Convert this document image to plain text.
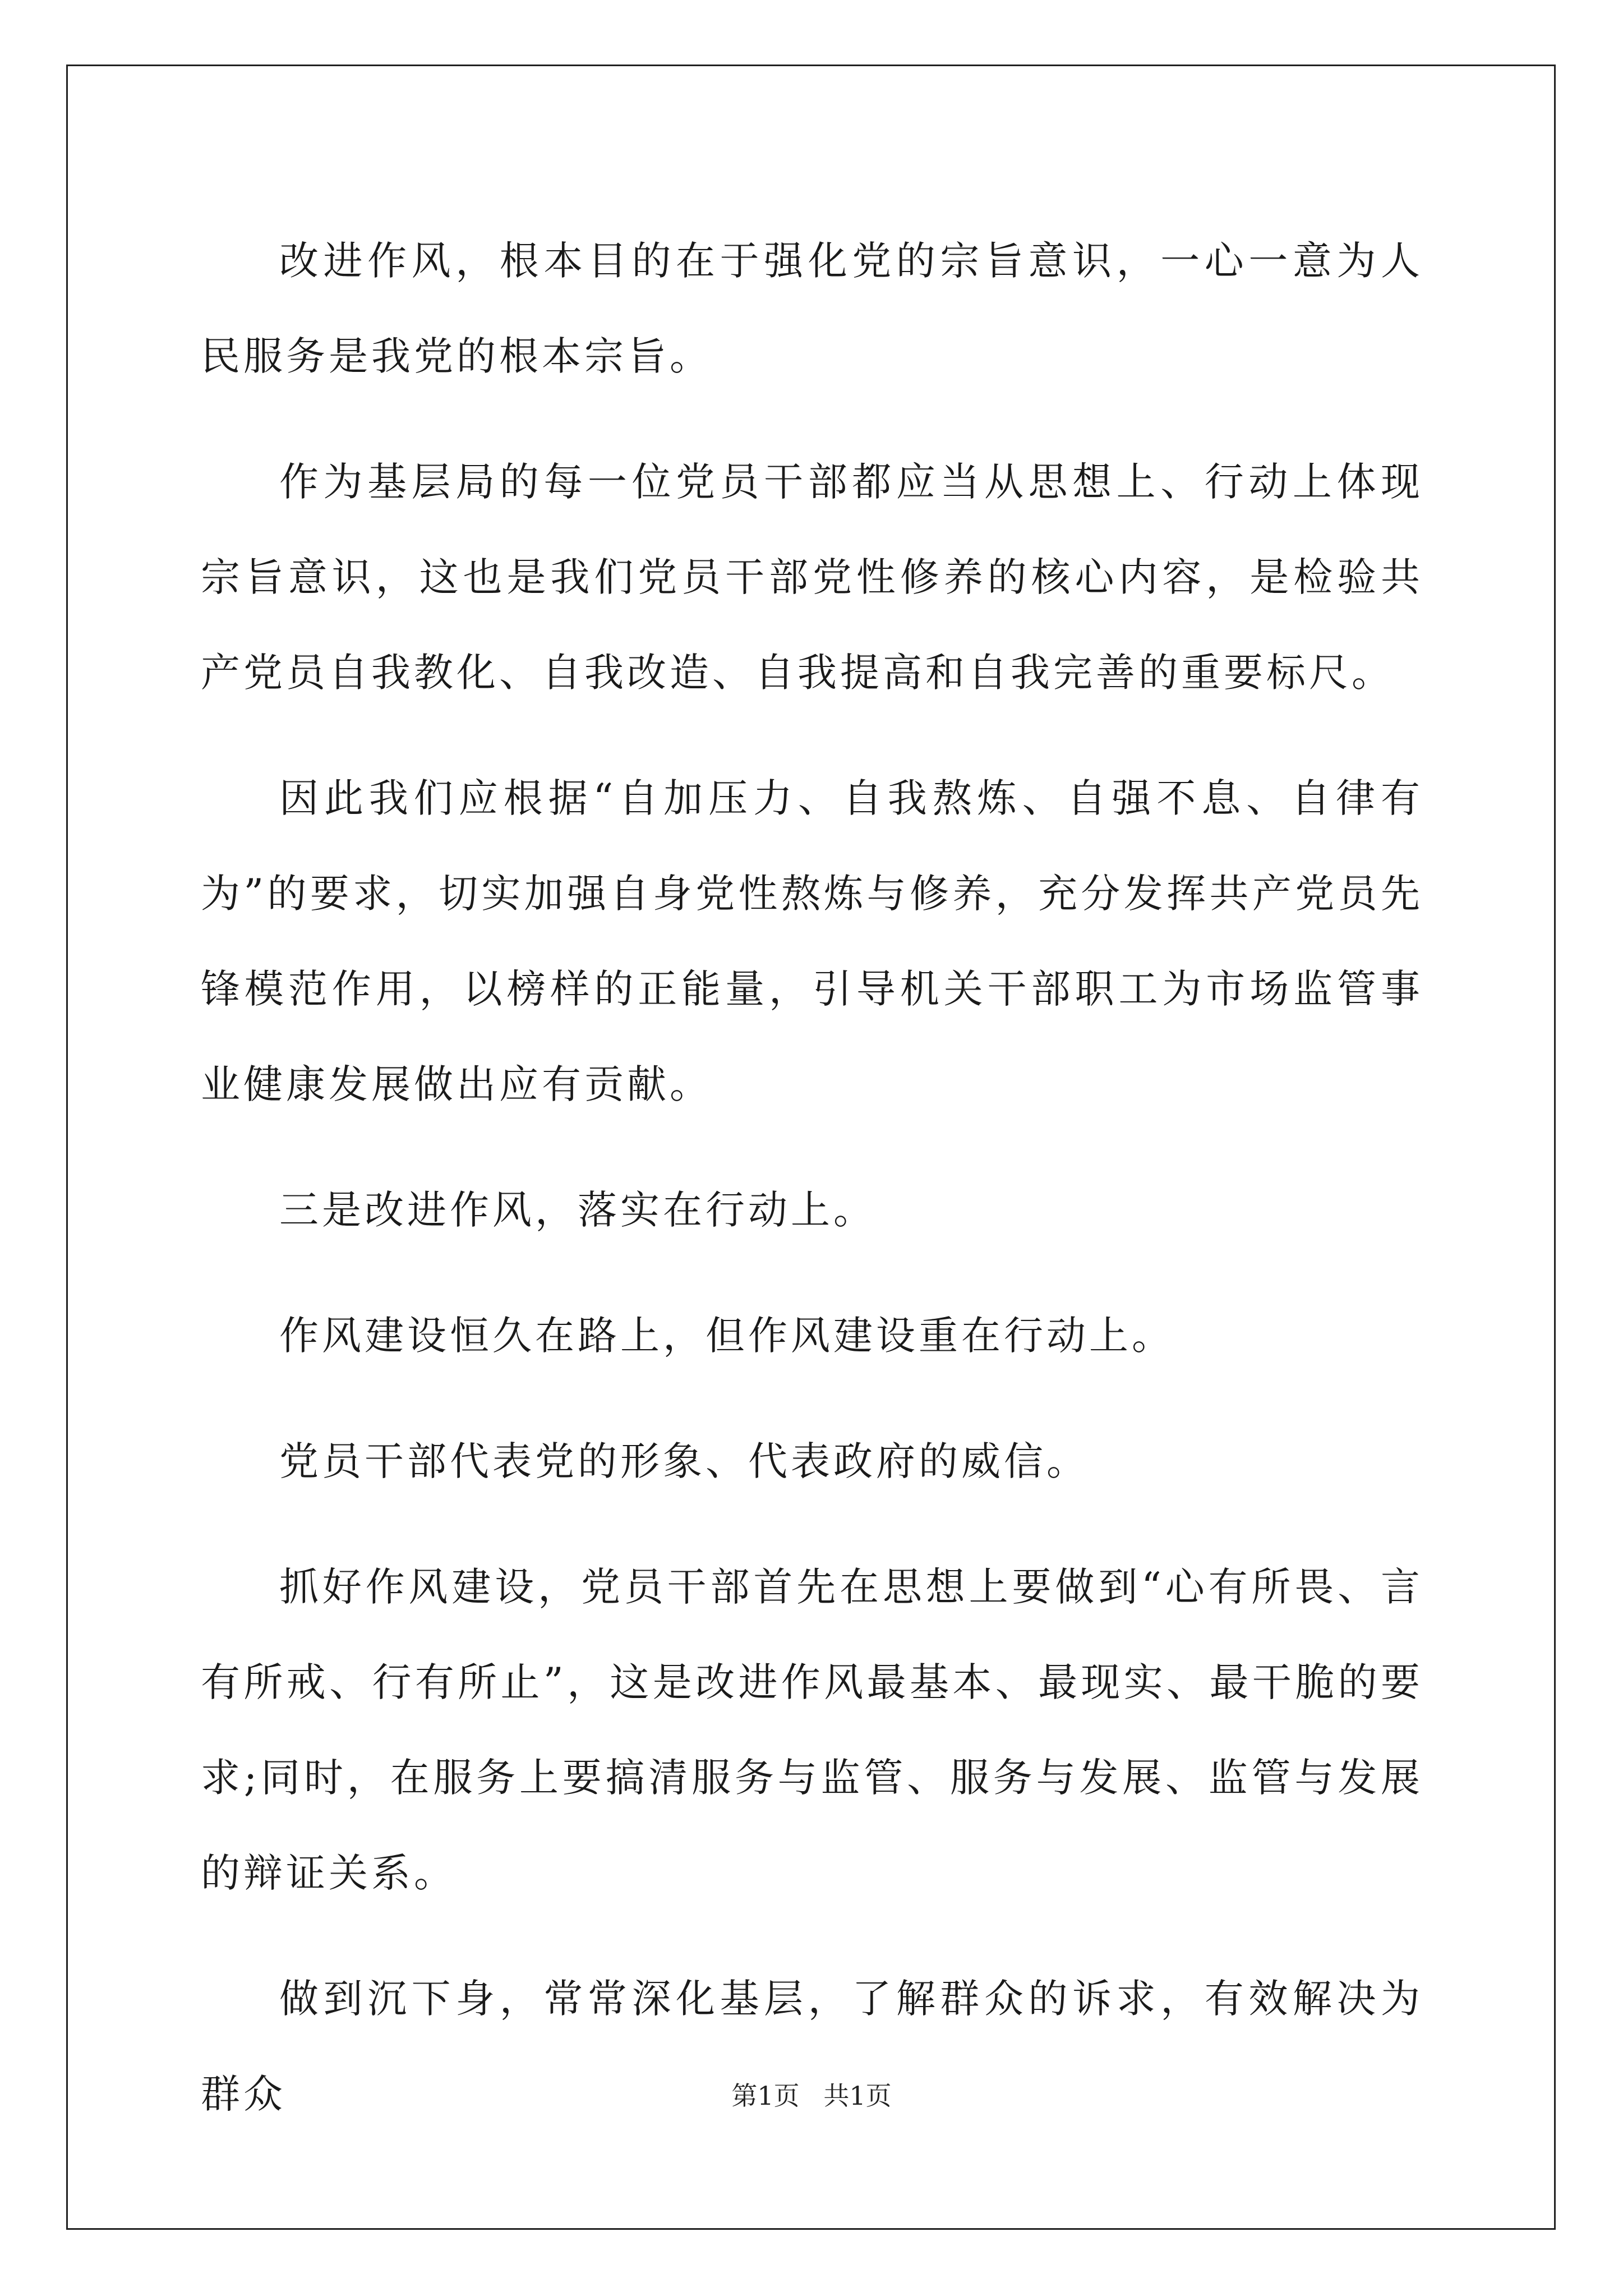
改进作风，根本目的在于强化党的宗旨意识，一心一意为人民服务是我党的根本宗旨。

作为基层局的每一位党员干部都应当从思想上、行动上体现宗旨意识，这也是我们党员干部党性修养的核心内容，是检验共产党员自我教化、自我改造、自我提高和自我完善的重要标尺。

因此我们应根据“自加压力、自我熬炼、自强不息、自律有为”的要求，切实加强自身党性熬炼与修养，充分发挥共产党员先锋模范作用，以榜样的正能量，引导机关干部职工为市场监管事业健康发展做出应有贡献。

三是改进作风，落实在行动上。

作风建设恒久在路上，但作风建设重在行动上。

党员干部代表党的形象、代表政府的威信。

抓好作风建设，党员干部首先在思想上要做到“心有所畏、言有所戒、行有所止”，这是改进作风最基本、最现实、最干脆的要求;同时，在服务上要搞清服务与监管、服务与发展、监管与发展的辩证关系。

做到沉下身，常常深化基层，了解群众的诉求，有效解决为群众	第1页 共1页
